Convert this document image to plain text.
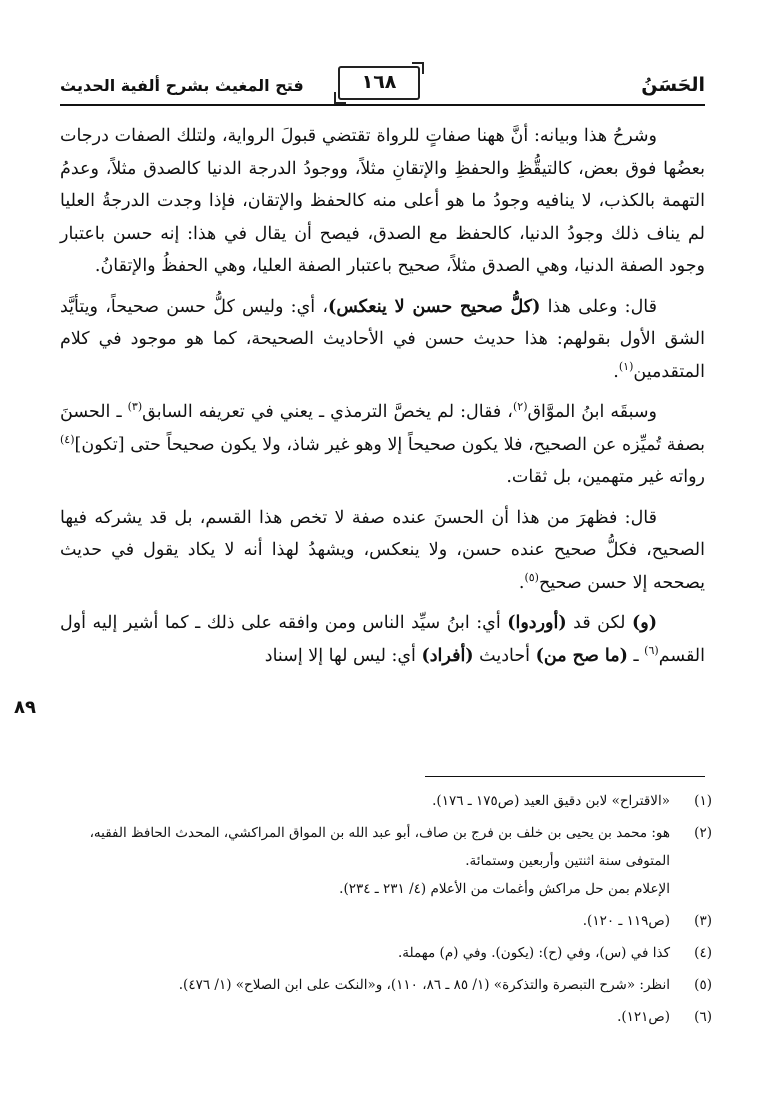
الحَسَنُ
١٦٨
فتح المغيث بشرح ألفية الحديث

وشرحُ هذا وبيانه: أنَّ ههنا صفاتٍ للرواة تقتضي قبولَ الرواية، ولتلك الصفات درجات بعضُها فوق بعض، كالتيقُّظِ والحفظِ والإتقانِ مثلاً، ووجودُ الدرجة الدنيا كالصدق مثلاً، وعدمُ التهمة بالكذب، لا ينافيه وجودُ ما هو أعلى منه كالحفظ والإتقان، فإذا وجدت الدرجةُ العليا لم يناف ذلك وجودُ الدنيا، كالحفظ مع الصدق، فيصح أن يقال في هذا: إنه حسن باعتبار وجود الصفة الدنيا، وهي الصدق مثلاً، صحيح باعتبار الصفة العليا، وهي الحفظُ والإتقانُ.

قال: وعلى هذا (كلُّ صحيح حسن لا ينعكس)، أي: وليس كلُّ حسن صحيحاً، ويتأيَّد الشق الأول بقولهم: هذا حديث حسن في الأحاديث الصحيحة، كما هو موجود في كلام المتقدمين$^{(١)}$.

وسبقَه ابنُ الموَّاق$^{(٢)}$، فقال: لم يخصَّ الترمذي ـ يعني في تعريفه السابق$^{(٣)}$ ـ الحسنَ بصفة تُميِّزه عن الصحيح، فلا يكون صحيحاً إلا وهو غير شاذ، ولا يكون صحيحاً حتى [تكون]$^{(٤)}$ رواته غير متهمين، بل ثقات.

قال: فظهرَ من هذا أن الحسنَ عنده صفة لا تخص هذا القسم، بل قد يشركه فيها الصحيح، فكلُّ صحيح عنده حسن، ولا ينعكس، ويشهدُ لهذا أنه لا يكاد يقول في حديث يصححه إلا حسن صحيح$^{(٥)}$.

(و) لكن قد (أوردوا) أي: ابنُ سيِّد الناس ومن وافقه على ذلك ـ كما أشير إليه أول القسم$^{(٦)}$ ـ (ما صح من) أحاديث (أفراد) أي: ليس لها إلا إسناد

٨٩
(١)
«الاقتراح» لابن دقيق العيد (ص١٧٥ ـ ١٧٦).
(٢)
هو: محمد بن يحيى بن خلف بن فرج بن صاف، أبو عبد الله بن المواق المراكشي، المحدث الحافظ الفقيه، المتوفى سنة اثنتين وأربعين وستمائة.
الإعلام بمن حل مراكش وأغمات من الأعلام (٤/ ٢٣١ ـ ٢٣٤).
(٣)
(ص١١٩ ـ ١٢٠).
(٤)
كذا في (س)، وفي (ح): (يكون). وفي (م) مهملة.
(٥)
انظر: «شرح التبصرة والتذكرة» (١/ ٨٥ ـ ٨٦، ١١٠)، و«النكت على ابن الصلاح» (١/ ٤٧٦).
(٦)
(ص١٢١).
